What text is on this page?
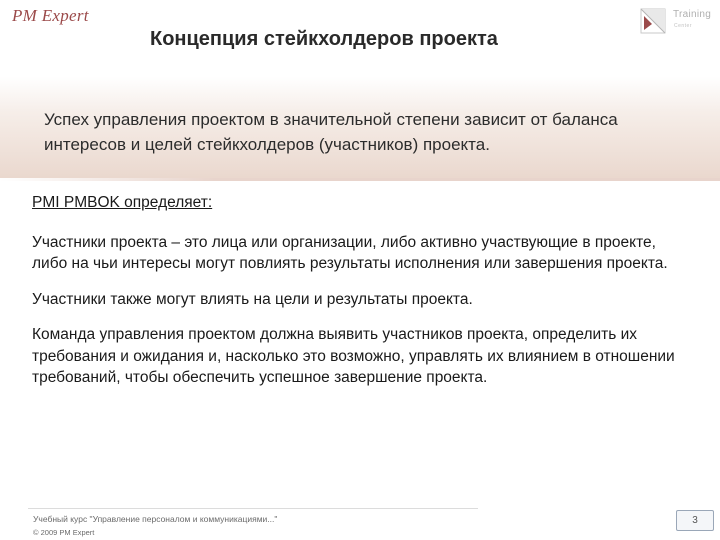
PM Expert	Training
Center
Концепция стейкхолдеров проекта
Успех управления проектом в значительной степени зависит от баланса интересов и целей стейкхолдеров (участников) проекта.
PMI PMBOK определяет:

Участники проекта – это лица или организации, либо активно участвующие в проекте, либо на чьи интересы могут повлиять результаты исполнения или завершения проекта.

Участники также могут влиять на цели и результаты проекта.

Команда управления проектом должна выявить участников проекта, определить их требования и ожидания и, насколько это возможно, управлять их влиянием в отношении требований, чтобы обеспечить успешное завершение проекта.

Учебный курс "Управление персоналом и коммуникациями..."
© 2009 PM Expert
3
